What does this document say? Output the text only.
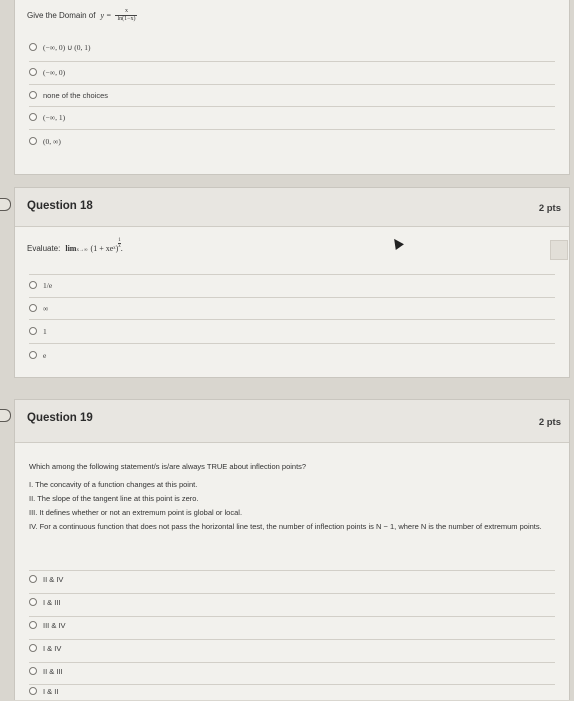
Give the Domain of $y = \frac{x}{\ln(1-x)}$
(−∞, 0) ∪ (0, 1)
(−∞, 0)
none of the choices
(−∞, 1)
(0, ∞)
Question 18	2 pts
Evaluate: lim x→∞ (1 + xeˣ) $\frac{1}{x}$ .
1/e
∞
1
e
Question 19	2 pts
Which among the following statement/s is/are always TRUE about inflection points?
I. The concavity of a function changes at this point.
II. The slope of the tangent line at this point is zero.
III. It defines whether or not an extremum point is global or local.
IV. For a continuous function that does not pass the horizontal line test, the number of inflection points is N − 1, where N is the number of extremum points.
II & IV
I & III
III & IV
I & IV
II & III
I & II
